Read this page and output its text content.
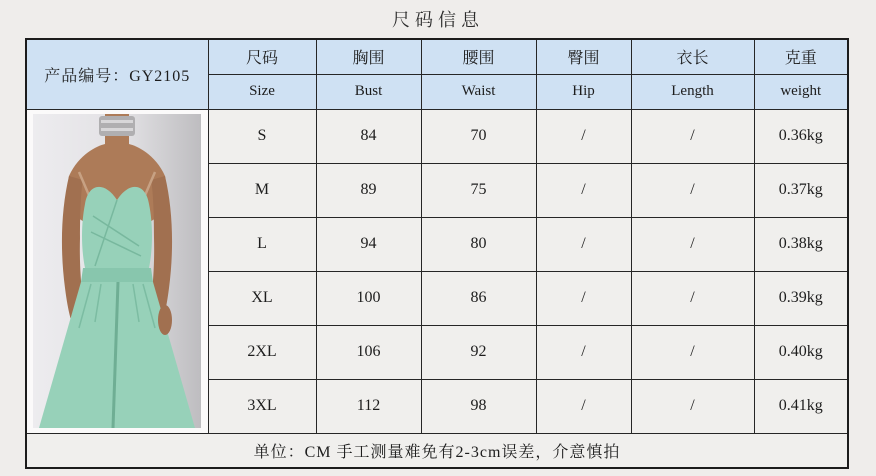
尺码信息
产品编号：GY2105	尺码	胸围	腰围	臀围	衣长	克重
	Size	Bust	Waist	Hip	Length	weight

	S	84	70	/	/	0.36kg
	M	89	75	/	/	0.37kg
	L	94	80	/	/	0.38kg
	XL	100	86	/	/	0.39kg
	2XL	106	92	/	/	0.40kg
	3XL	112	98	/	/	0.41kg
单位：CM 手工测量难免有2-3cm误差，介意慎拍						
